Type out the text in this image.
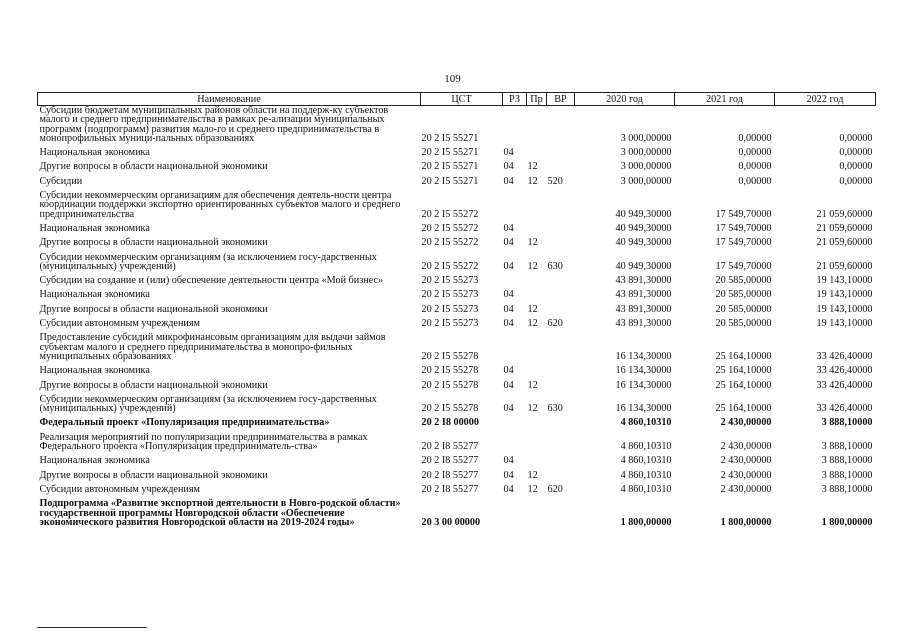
109
Наименование	ЦСТ	РЗ	Пр	ВР	2020 год	2021 год	2022 год
Субсидии бюджетам муниципальных районов области на поддерж-ку субъектов малого и среднего предпринимательства в рамках ре-ализации муниципальных программ (подпрограмм) развития мало-го и среднего предпринимательства в монопрофильных муници-пальных образованиях	20 2 I5 55271				3 000,00000	0,00000	0,00000
Национальная экономика	20 2 I5 55271	04			3 000,00000	0,00000	0,00000
Другие вопросы в области национальной экономики	20 2 I5 55271	04	12		3 000,00000	0,00000	0,00000
Субсидии	20 2 I5 55271	04	12	520	3 000,00000	0,00000	0,00000
Субсидии некоммерческим организациям для обеспечения деятель-ности центра координации поддержки экспортно ориентированных субъектов малого и среднего предпринимательства	20 2 I5 55272				40 949,30000	17 549,70000	21 059,60000
Национальная экономика	20 2 I5 55272	04			40 949,30000	17 549,70000	21 059,60000
Другие вопросы в области национальной экономики	20 2 I5 55272	04	12		40 949,30000	17 549,70000	21 059,60000
Субсидии некоммерческим организациям (за исключением госу-дарственных (муниципальных) учреждений)	20 2 I5 55272	04	12	630	40 949,30000	17 549,70000	21 059,60000
Субсидии на создание и (или) обеспечение деятельности центра «Мой бизнес»	20 2 I5 55273				43 891,30000	20 585,00000	19 143,10000
Национальная экономика	20 2 I5 55273	04			43 891,30000	20 585,00000	19 143,10000
Другие вопросы в области национальной экономики	20 2 I5 55273	04	12		43 891,30000	20 585,00000	19 143,10000
Субсидии автономным учреждениям	20 2 I5 55273	04	12	620	43 891,30000	20 585,00000	19 143,10000
Предоставление субсидий микрофинансовым организациям для выдачи займов субъектам малого и среднего предпринимательства в монопро-фильных муниципальных образованиях	20 2 I5 55278				16 134,30000	25 164,10000	33 426,40000
Национальная экономика	20 2 I5 55278	04			16 134,30000	25 164,10000	33 426,40000
Другие вопросы в области национальной экономики	20 2 I5 55278	04	12		16 134,30000	25 164,10000	33 426,40000
Субсидии некоммерческим организациям (за исключением госу-дарственных (муниципальных) учреждений)	20 2 I5 55278	04	12	630	16 134,30000	25 164,10000	33 426,40000
Федеральный проект «Популяризация предпринимательства»	20 2 I8 00000				4 860,10310	2 430,00000	3 888,10000
Реализация мероприятий по популяризации предпринимательства в рамках Федерального проекта «Популяризация предприниматель-ства»	20 2 I8 55277				4 860,10310	2 430,00000	3 888,10000
Национальная экономика	20 2 I8 55277	04			4 860,10310	2 430,00000	3 888,10000
Другие вопросы в области национальной экономики	20 2 I8 55277	04	12		4 860,10310	2 430,00000	3 888,10000
Субсидии автономным учреждениям	20 2 I8 55277	04	12	620	4 860,10310	2 430,00000	3 888,10000
Подпрограмма «Развитие экспортной деятельности в Новго-родской области» государственной программы Новгородской области «Обеспечение экономического развития Новгородской области на 2019-2024 годы»	20 3 00 00000				1 800,00000	1 800,00000	1 800,00000
